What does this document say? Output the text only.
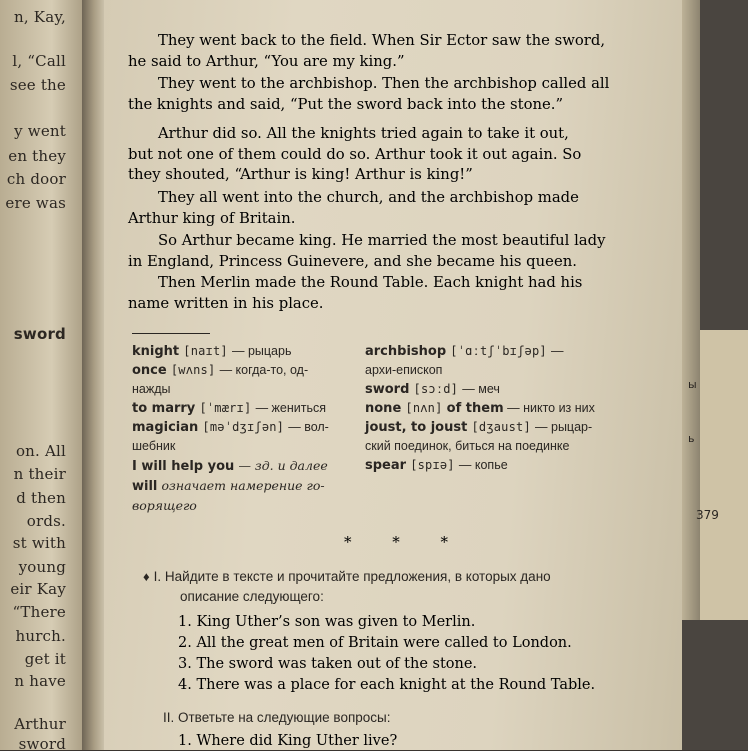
n, Kay,
l, “Call
see the
y went
en they
ch door
ere was
sword
on. All
n their
d then
ords.
st with
young
eir Kay
“There
hurch.
get it
n have
Arthur
sword
ы
ь
379
They went back to the field. When Sir Ector saw the sword,
he said to Arthur, “You are my king.”
They went to the archbishop. Then the archbishop called all
the knights and said, “Put the sword back into the stone.”
Arthur did so. All the knights tried again to take it out,
but not one of them could do so. Arthur took it out again. So
they shouted, “Arthur is king! Arthur is king!”
They all went into the church, and the archbishop made
Arthur king of Britain.
So Arthur became king. He married the most beautiful lady
in England, Princess Guinevere, and she became his queen.
Then Merlin made the Round Table. Each knight had his
name written in his place.
knight [naɪt] — рыцарь
once [wʌns] — когда-то, од-
нажды
to marry [ˈmærɪ] — жениться
magician [məˈdʒɪʃən] — вол-
шебник
I will help you — зд. и далее
will означает намерение го-
ворящего
archbishop [ˈɑːtʃˈbɪʃəp] —
архи-епископ
sword [sɔːd] — меч
none [nʌn] of them — никто из них
joust, to joust [dʒaust] — рыцар-
ский поединок, биться на поединке
spear [spɪə] — копье
* * *
♦ I. Найдите в тексте и прочитайте предложения, в которых дано
описание следующего:
1. King Uther’s son was given to Merlin.
2. All the great men of Britain were called to London.
3. The sword was taken out of the stone.
4. There was a place for each knight at the Round Table.
II. Ответьте на следующие вопросы:
1. Where did King Uther live?
